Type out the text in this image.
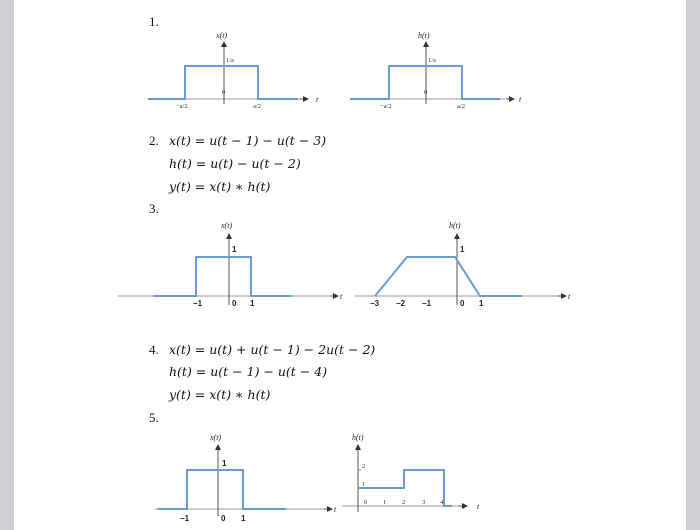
1.
2.
3.
4.
5.
x(t) = u(t − 1) − u(t − 3)
h(t) = u(t) − u(t − 2)
y(t) = x(t) ∗ h(t)
x(t) = u(t) + u(t − 1) − 2u(t − 2)
h(t) = u(t − 1) − u(t − 4)
y(t) = x(t) ∗ h(t)
x(t)
1/a
0
−a/2	a/2
t
h(t)
1/a
0
−a/2	a/2
t
x(t)
1
−1	0 1
t
h(t)
1
−3 −2 −1	0 1
t
x(t)
1
−1	0 1
t
h(t)
2
1
0 1 2	3 4	t
